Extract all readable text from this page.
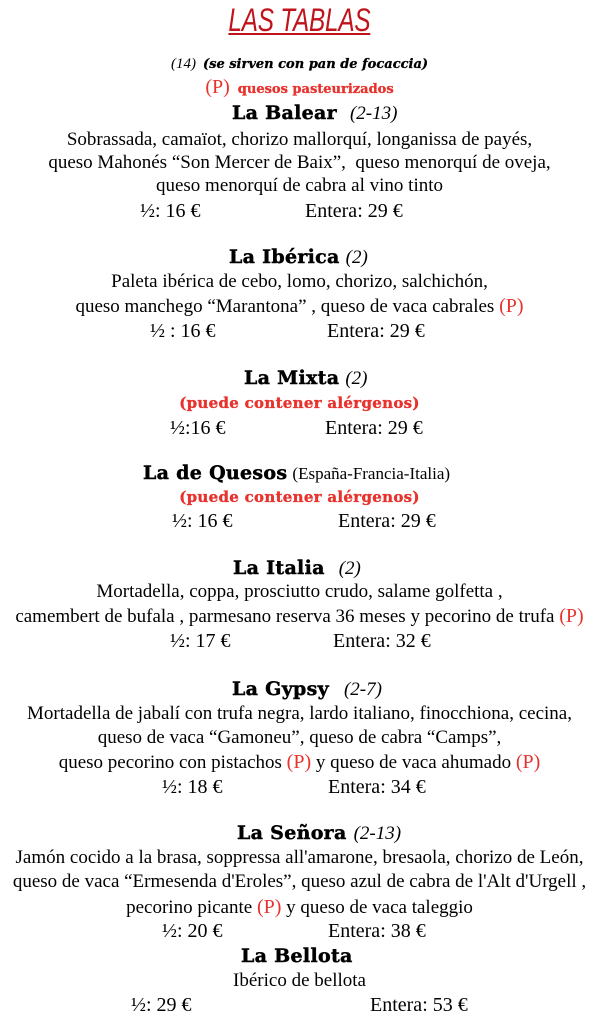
LAS TABLAS
(14) (se sirven con pan de focaccia)
(P) quesos pasteurizados
La Balear (2-13)
Sobrassada, camaïot, chorizo mallorquí, longanissa de payés,
queso Mahonés “Son Mercer de Baix”,  queso menorquí de oveja,
queso menorquí de cabra al vino tinto
½: 16 €	Entera: 29 €
La Ibérica (2)
Paleta ibérica de cebo, lomo, chorizo, salchichón,
queso manchego “Marantona” , queso de vaca cabrales (P)
½ : 16 €	Entera: 29 €
La Mixta (2)
(puede contener alérgenos)
½:16 €	Entera: 29 €
La de Quesos (España-Francia-Italia)
(puede contener alérgenos)
½: 16 €	Entera: 29 €
La Italia (2)
Mortadella, coppa, prosciutto crudo, salame golfetta ,
camembert de bufala , parmesano reserva 36 meses y pecorino de trufa (P)
½: 17 €	Entera: 32 €
La Gypsy (2-7)
Mortadella de jabalí con trufa negra, lardo italiano, finocchiona, cecina,
queso de vaca “Gamoneu”, queso de cabra “Camps”,
queso pecorino con pistachos (P) y queso de vaca ahumado (P)
½: 18 €	Entera: 34 €
La Señora (2-13)
Jamón cocido a la brasa, soppressa all'amarone, bresaola, chorizo de León,
queso de vaca “Ermesenda d'Eroles”, queso azul de cabra de l'Alt d'Urgell ,
pecorino picante (P) y queso de vaca taleggio
½: 20 €	Entera: 38 €
La Bellota
Ibérico de bellota
½: 29 €	Entera: 53 €
